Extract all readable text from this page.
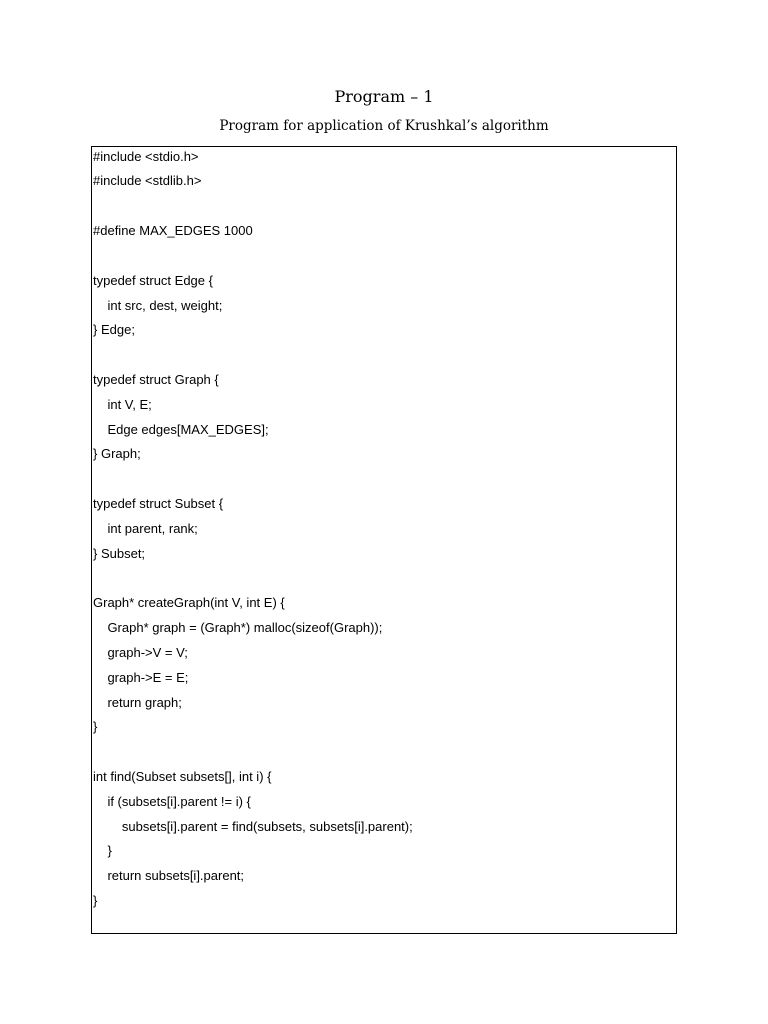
Program – 1
Program for application of Krushkal’s algorithm
#include <stdio.h>
#include <stdlib.h>
#define MAX_EDGES 1000
typedef struct Edge {
int src, dest, weight;
} Edge;
typedef struct Graph {
int V, E;
Edge edges[MAX_EDGES];
} Graph;
typedef struct Subset {
int parent, rank;
} Subset;
Graph* createGraph(int V, int E) {
Graph* graph = (Graph*) malloc(sizeof(Graph));
graph->V = V;
graph->E = E;
return graph;
}
int find(Subset subsets[], int i) {
if (subsets[i].parent != i) {
subsets[i].parent = find(subsets, subsets[i].parent);
}
return subsets[i].parent;
}
